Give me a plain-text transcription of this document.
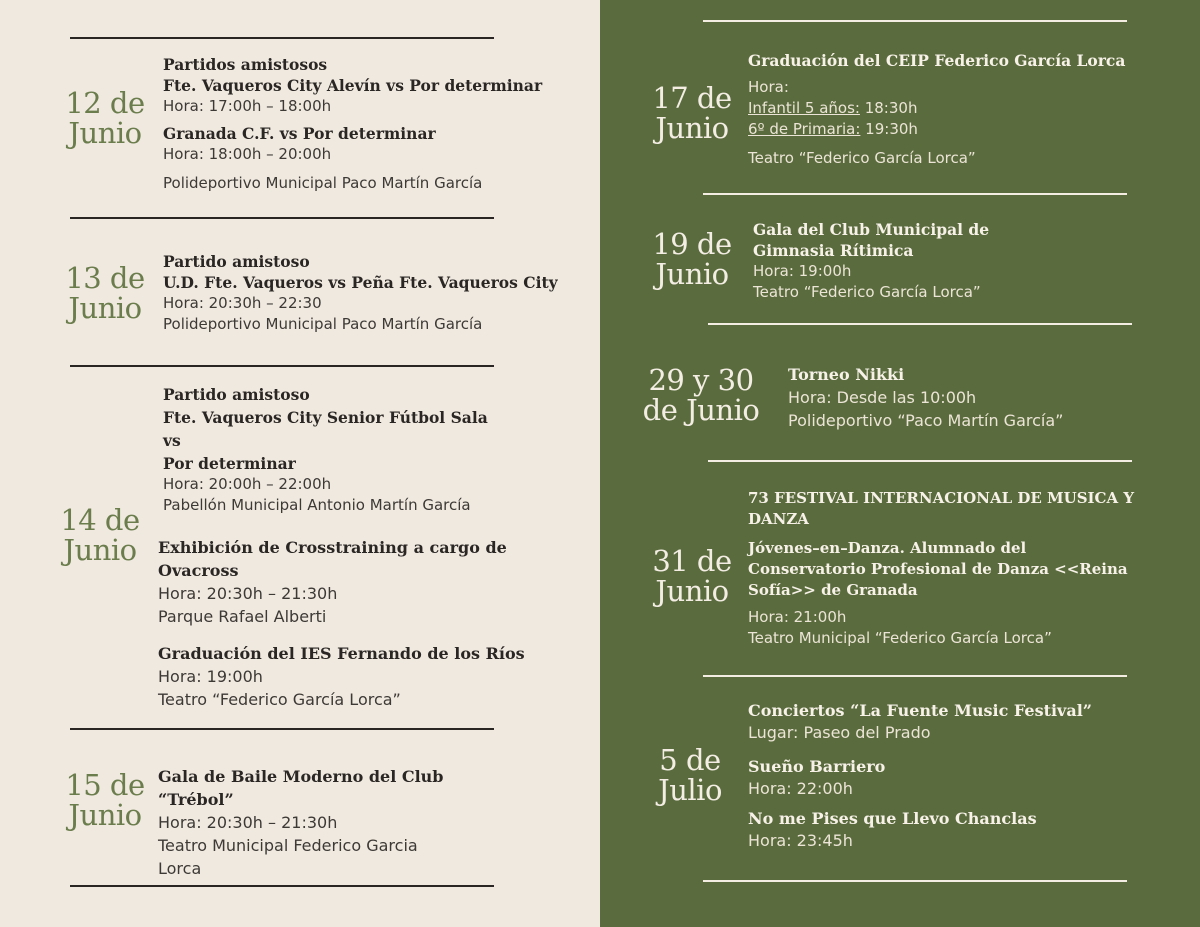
12 de
Junio
Partidos amistosos
Fte. Vaqueros City Alevín vs Por determinar
Hora: 17:00h – 18:00h
Granada C.F. vs Por determinar
Hora: 18:00h – 20:00h
Polideportivo Municipal Paco Martín García
13 de
Junio
Partido amistoso
U.D. Fte. Vaqueros vs Peña Fte. Vaqueros City
Hora: 20:30h – 22:30
Polideportivo Municipal Paco Martín García
14 de
Junio
Partido amistoso
Fte. Vaqueros City Senior Fútbol Sala
vs
Por determinar
Hora: 20:00h – 22:00h
Pabellón Municipal Antonio Martín García
Exhibición de Crosstraining a cargo de
Ovacross
Hora: 20:30h – 21:30h
Parque Rafael Alberti
Graduación del IES Fernando de los Ríos
Hora: 19:00h
Teatro “Federico García Lorca”
15 de
Junio
Gala de Baile Moderno del Club
“Trébol”
Hora: 20:30h – 21:30h
Teatro Municipal Federico Garcia
Lorca
17 de
Junio
Graduación del CEIP Federico García Lorca
Hora:
Infantil 5 años: 18:30h
6º de Primaria: 19:30h
Teatro “Federico García Lorca”
19 de
Junio
Gala del Club Municipal de
Gimnasia Rítimica
Hora: 19:00h
Teatro “Federico García Lorca”
29 y 30
de Junio
Torneo Nikki
Hora: Desde las 10:00h
Polideportivo “Paco Martín García”
31 de
Junio
73 FESTIVAL INTERNACIONAL DE MUSICA Y
DANZA
Jóvenes–en–Danza. Alumnado del
Conservatorio Profesional de Danza <<Reina
Sofía>> de Granada
Hora: 21:00h
Teatro Municipal “Federico García Lorca”
5 de
Julio
Conciertos “La Fuente Music Festival”
Lugar: Paseo del Prado
Sueño Barriero
Hora: 22:00h
No me Pises que Llevo Chanclas
Hora: 23:45h
